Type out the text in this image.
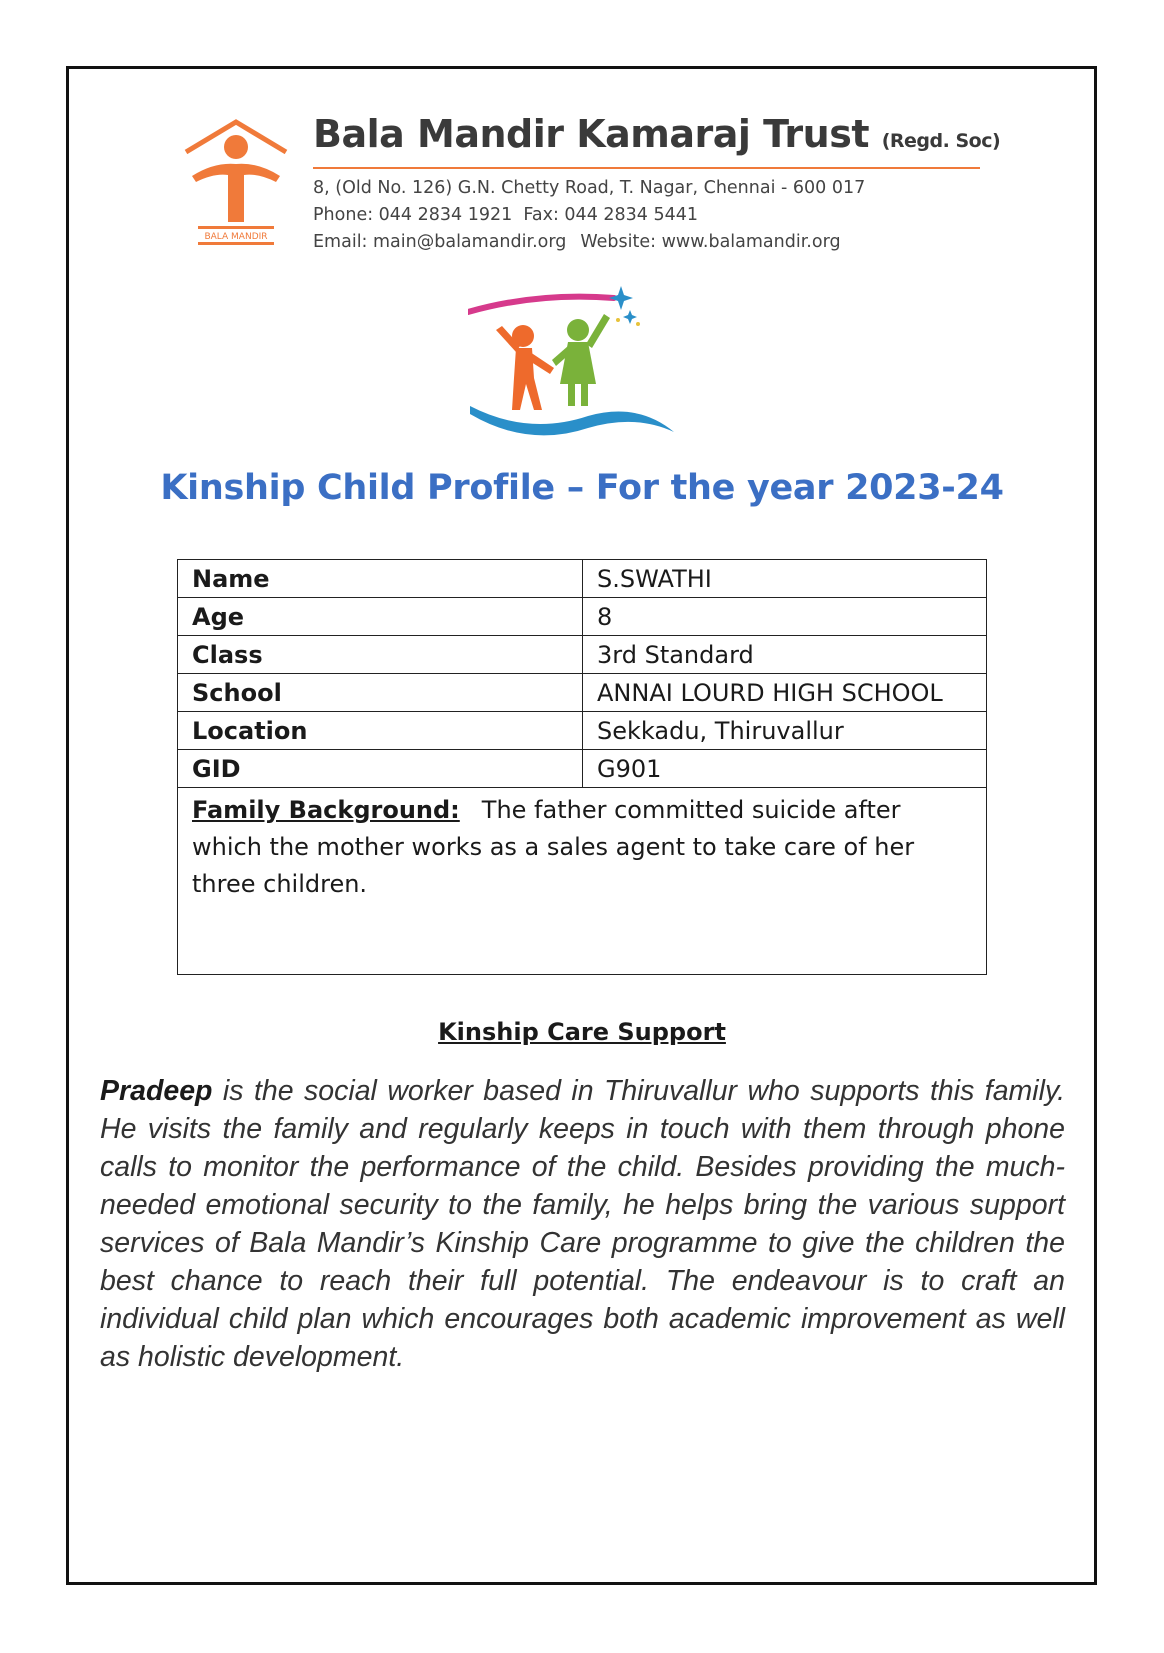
BALA MANDIR
Bala Mandir Kamaraj Trust (Regd. Soc)
8, (Old No. 126) G.N. Chetty Road, T. Nagar, Chennai - 600 017
Phone: 044 2834 1921 Fax: 044 2834 5441
Email: main@balamandir.org Website: www.balamandir.org
Kinship Child Profile – For the year 2023-24
Name	S.SWATHI
Age	8
Class	3rd Standard
School	ANNAI LOURD HIGH SCHOOL
Location	Sekkadu, Thiruvallur
GID	G901
Family Background: The father committed suicide after which the mother works as a sales agent to take care of her three children.	
Kinship Care Support
Pradeep is the social worker based in Thiruvallur who supports this family. He visits the family and regularly keeps in touch with them through phone calls to monitor the performance of the child. Besides providing the much-needed emotional security to the family, he helps bring the various support services of Bala Mandir’s Kinship Care programme to give the children the best chance to reach their full potential. The endeavour is to craft an individual child plan which encourages both academic improvement as well as holistic development.
